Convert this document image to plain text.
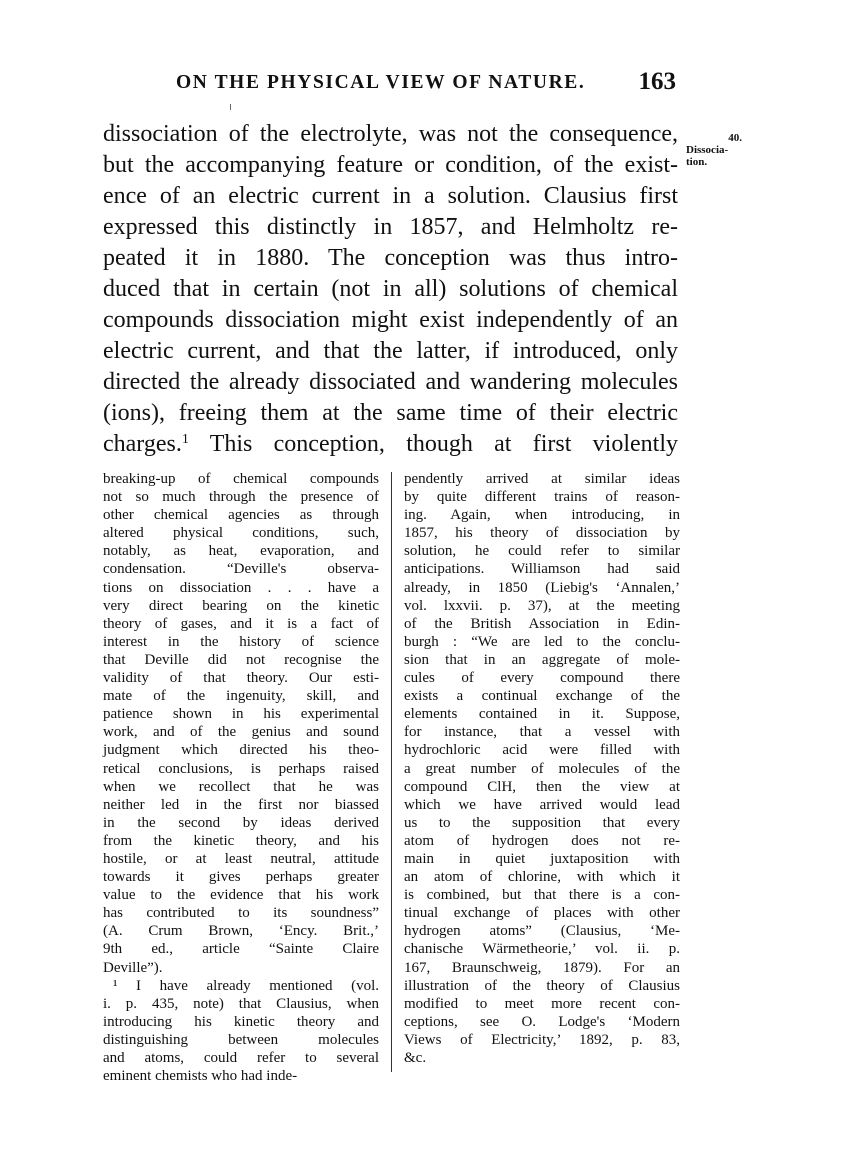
ON THE PHYSICAL VIEW OF NATURE. 163
40.
Dissocia-
tion.
dissociation of the electrolyte, was not the consequence,
but the accompanying feature or condition, of the exist-
ence of an electric current in a solution. Clausius first
expressed this distinctly in 1857, and Helmholtz re-
peated it in 1880. The conception was thus intro-
duced that in certain (not in all) solutions of chemical
compounds dissociation might exist independently of an
electric current, and that the latter, if introduced, only
directed the already dissociated and wandering molecules
(ions), freeing them at the same time of their electric
charges.$^1$ This conception, though at first violently
breaking-up of chemical compounds
not so much through the presence of
other chemical agencies as through
altered physical conditions, such,
notably, as heat, evaporation, and
condensation. “Deville's observa-
tions on dissociation . . . have a
very direct bearing on the kinetic
theory of gases, and it is a fact of
interest in the history of science
that Deville did not recognise the
validity of that theory. Our esti-
mate of the ingenuity, skill, and
patience shown in his experimental
work, and of the genius and sound
judgment which directed his theo-
retical conclusions, is perhaps raised
when we recollect that he was
neither led in the first nor biassed
in the second by ideas derived
from the kinetic theory, and his
hostile, or at least neutral, attitude
towards it gives perhaps greater
value to the evidence that his work
has contributed to its soundness”
(A. Crum Brown, ‘Ency. Brit.,’
9th ed., article “Sainte Claire
Deville”).
¹ I have already mentioned (vol.
i. p. 435, note) that Clausius, when
introducing his kinetic theory and
distinguishing between molecules
and atoms, could refer to several
eminent chemists who had inde-
pendently arrived at similar ideas
by quite different trains of reason-
ing. Again, when introducing, in
1857, his theory of dissociation by
solution, he could refer to similar
anticipations. Williamson had said
already, in 1850 (Liebig's ‘Annalen,’
vol. lxxvii. p. 37), at the meeting
of the British Association in Edin-
burgh : “We are led to the conclu-
sion that in an aggregate of mole-
cules of every compound there
exists a continual exchange of the
elements contained in it. Suppose,
for instance, that a vessel with
hydrochloric acid were filled with
a great number of molecules of the
compound ClH, then the view at
which we have arrived would lead
us to the supposition that every
atom of hydrogen does not re-
main in quiet juxtaposition with
an atom of chlorine, with which it
is combined, but that there is a con-
tinual exchange of places with other
hydrogen atoms” (Clausius, ‘Me-
chanische Wärmetheorie,’ vol. ii. p.
167, Braunschweig, 1879). For an
illustration of the theory of Clausius
modified to meet more recent con-
ceptions, see O. Lodge's ‘Modern
Views of Electricity,’ 1892, p. 83,
&c.
